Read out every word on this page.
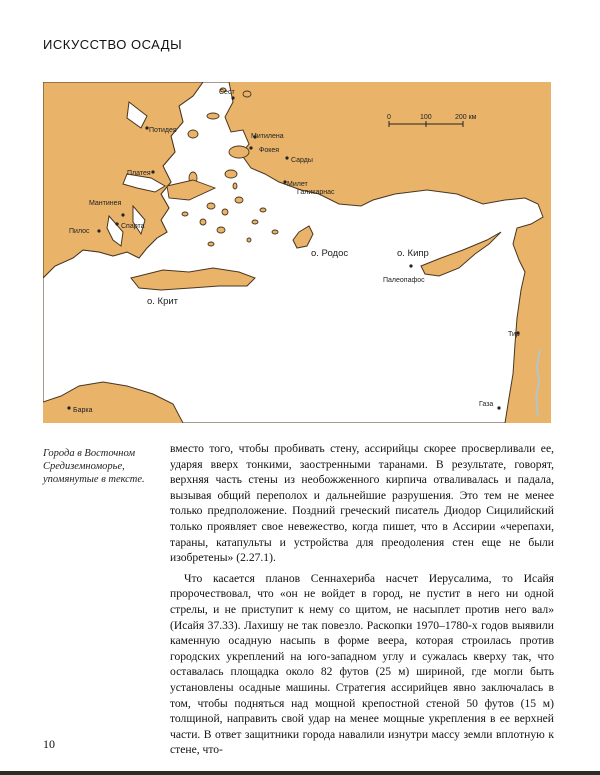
ИСКУССТВО ОСАДЫ
0	100	200 км
Сест
Потидея
Митилена
Фокея
Сарды
Платея
Милет
Галикарнас
Мантинея
Спарта
Пилос
о. Родос	о. Кипр
Палеопафос
о. Крит
Тир
Газа
Барка
Города в Восточном Средиземноморье, упомянутые в тексте.

вместо того, чтобы пробивать стену, ассирийцы скорее просверливали ее, ударяя вверх тонкими, заостренными таранами. В результате, говорят, верхняя часть стены из необожженного кирпича отваливалась и падала, вызывая общий переполох и дальнейшие разрушения. Это тем не менее только предположение. Поздний греческий писатель Диодор Сицилийский только проявляет свое невежество, когда пишет, что в Ассирии «черепахи, тараны, катапульты и устройства для преодоления стен еще не были изобретены» (2.27.1).

Что касается планов Сеннахериба насчет Иерусалима, то Исайя пророчествовал, что «он не войдет в город, не пустит в него ни одной стрелы, и не приступит к нему со щитом, не насыплет против него вал» (Исайя 37.33). Лахишу не так повезло. Раскопки 1970–1780-х годов выявили каменную осадную насыпь в форме веера, которая строилась против городских укреплений на юго-западном углу и сужалась кверху так, что оставалась площадка около 82 футов (25 м) шириной, где могли быть установлены осадные машины. Стратегия ассирийцев явно заключалась в том, чтобы подняться над мощной крепостной стеной 50 футов (15 м) толщиной, направить свой удар на менее мощные укрепления в ее верхней части. В ответ защитники города навалили изнутри массу земли вплотную к стене, что-

10
